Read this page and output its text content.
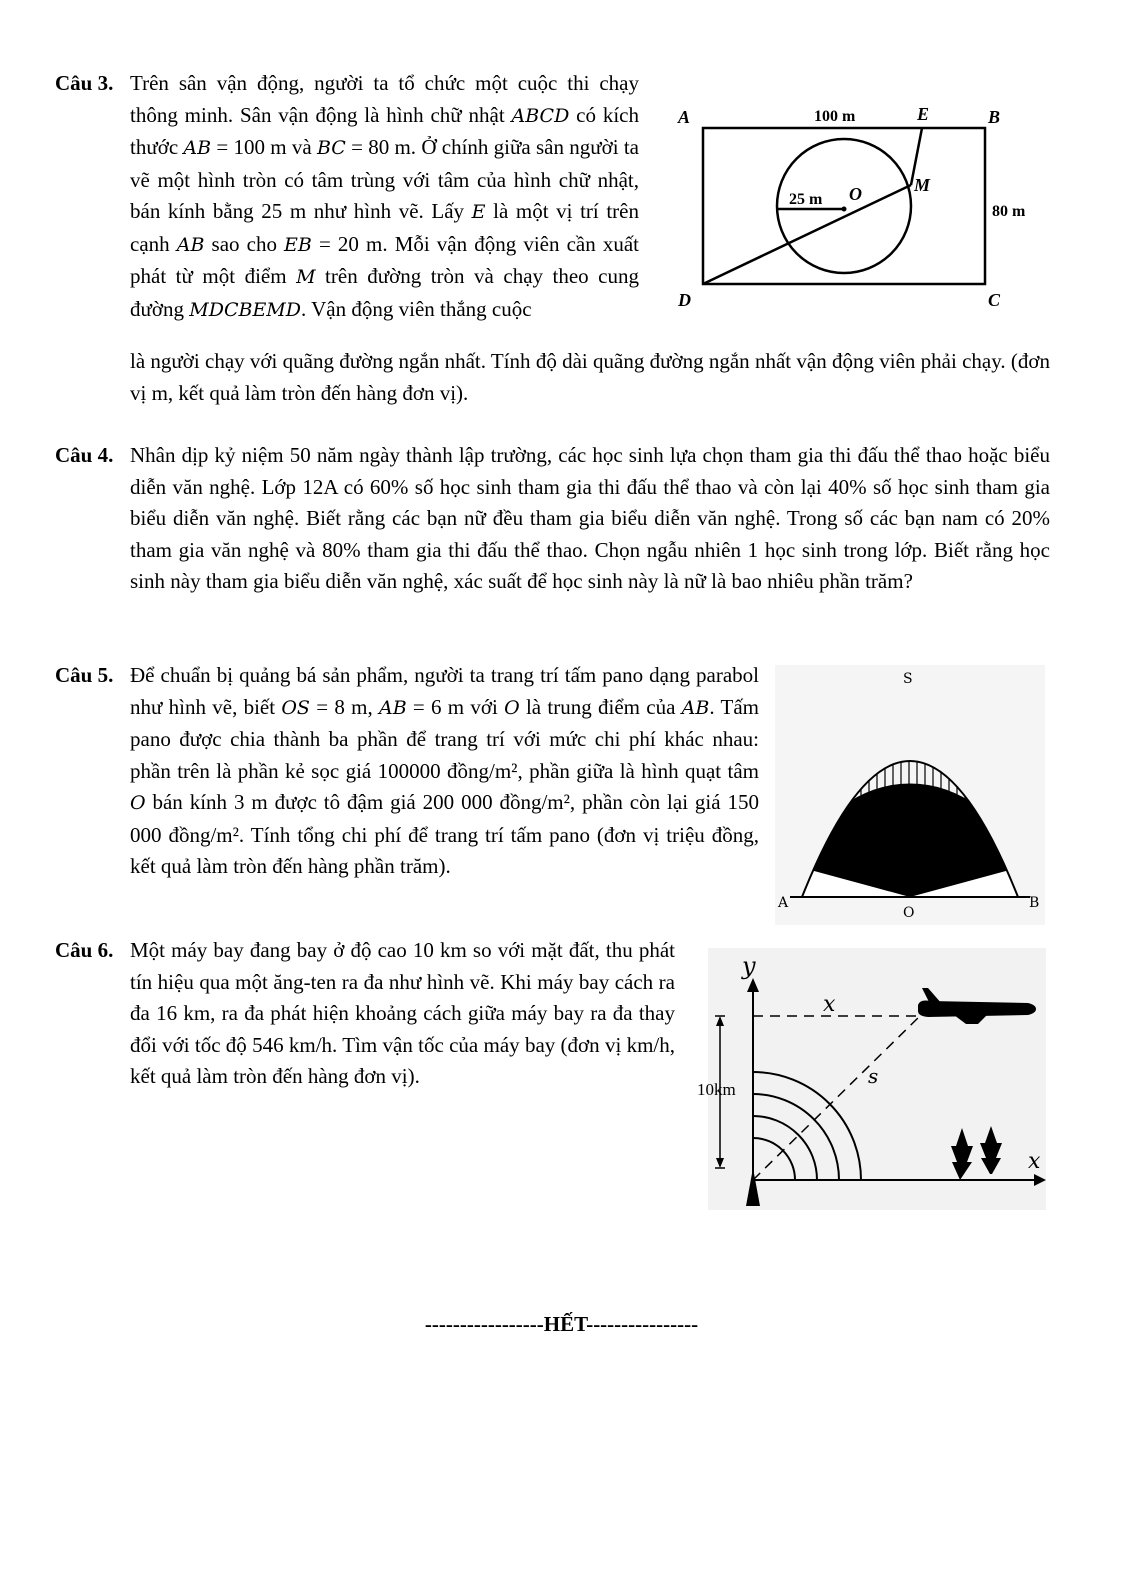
Câu 3. Trên sân vận động, người ta tổ chức một cuộc thi chạy thông minh. Sân vận động là hình chữ nhật ABCD có kích thước AB = 100 m và BC = 80 m. Ở chính giữa sân người ta vẽ một hình tròn có tâm trùng với tâm của hình chữ nhật, bán kính bằng 25 m như hình vẽ. Lấy E là một vị trí trên cạnh AB sao cho EB = 20 m. Mỗi vận động viên cần xuất phát từ một điểm M trên đường tròn và chạy theo cung đường MDCBEMD. Vận động viên thắng cuộc

là người chạy với quãng đường ngắn nhất. Tính độ dài quãng đường ngắn nhất vận động viên phải chạy. (đơn vị m, kết quả làm tròn đến hàng đơn vị).

A	B
C
D
E
M
O
100 m
80 m
25 m
Câu 4. Nhân dịp kỷ niệm 50 năm ngày thành lập trường, các học sinh lựa chọn tham gia thi đấu thể thao hoặc biểu diễn văn nghệ. Lớp 12A có 60% số học sinh tham gia thi đấu thể thao và còn lại 40% số học sinh tham gia biểu diễn văn nghệ. Biết rằng các bạn nữ đều tham gia biểu diễn văn nghệ. Trong số các bạn nam có 20% tham gia văn nghệ và 80% tham gia thi đấu thể thao. Chọn ngẫu nhiên 1 học sinh trong lớp. Biết rằng học sinh này tham gia biểu diễn văn nghệ, xác suất để học sinh này là nữ là bao nhiêu phần trăm?
Câu 5. Để chuẩn bị quảng bá sản phẩm, người ta trang trí tấm pano dạng parabol như hình vẽ, biết OS = 8 m, AB = 6 m với O là trung điểm của AB. Tấm pano được chia thành ba phần để trang trí với mức chi phí khác nhau: phần trên là phần kẻ sọc giá 100000 đồng/m², phần giữa là hình quạt tâm O bán kính 3 m được tô đậm giá 200 000 đồng/m², phần còn lại giá 150 000 đồng/m². Tính tổng chi phí để trang trí tấm pano (đơn vị triệu đồng, kết quả làm tròn đến hàng phần trăm).

S
A
O
B
Câu 6. Một máy bay đang bay ở độ cao 10 km so với mặt đất, thu phát tín hiệu qua một ăng-ten ra đa như hình vẽ. Khi máy bay cách ra đa 16 km, ra đa phát hiện khoảng cách giữa máy bay ra đa thay đổi với tốc độ 546 km/h. Tìm vận tốc của máy bay (đơn vị km/h, kết quả làm tròn đến hàng đơn vị).
y
x
s
x
10km
-----------------HẾT----------------
